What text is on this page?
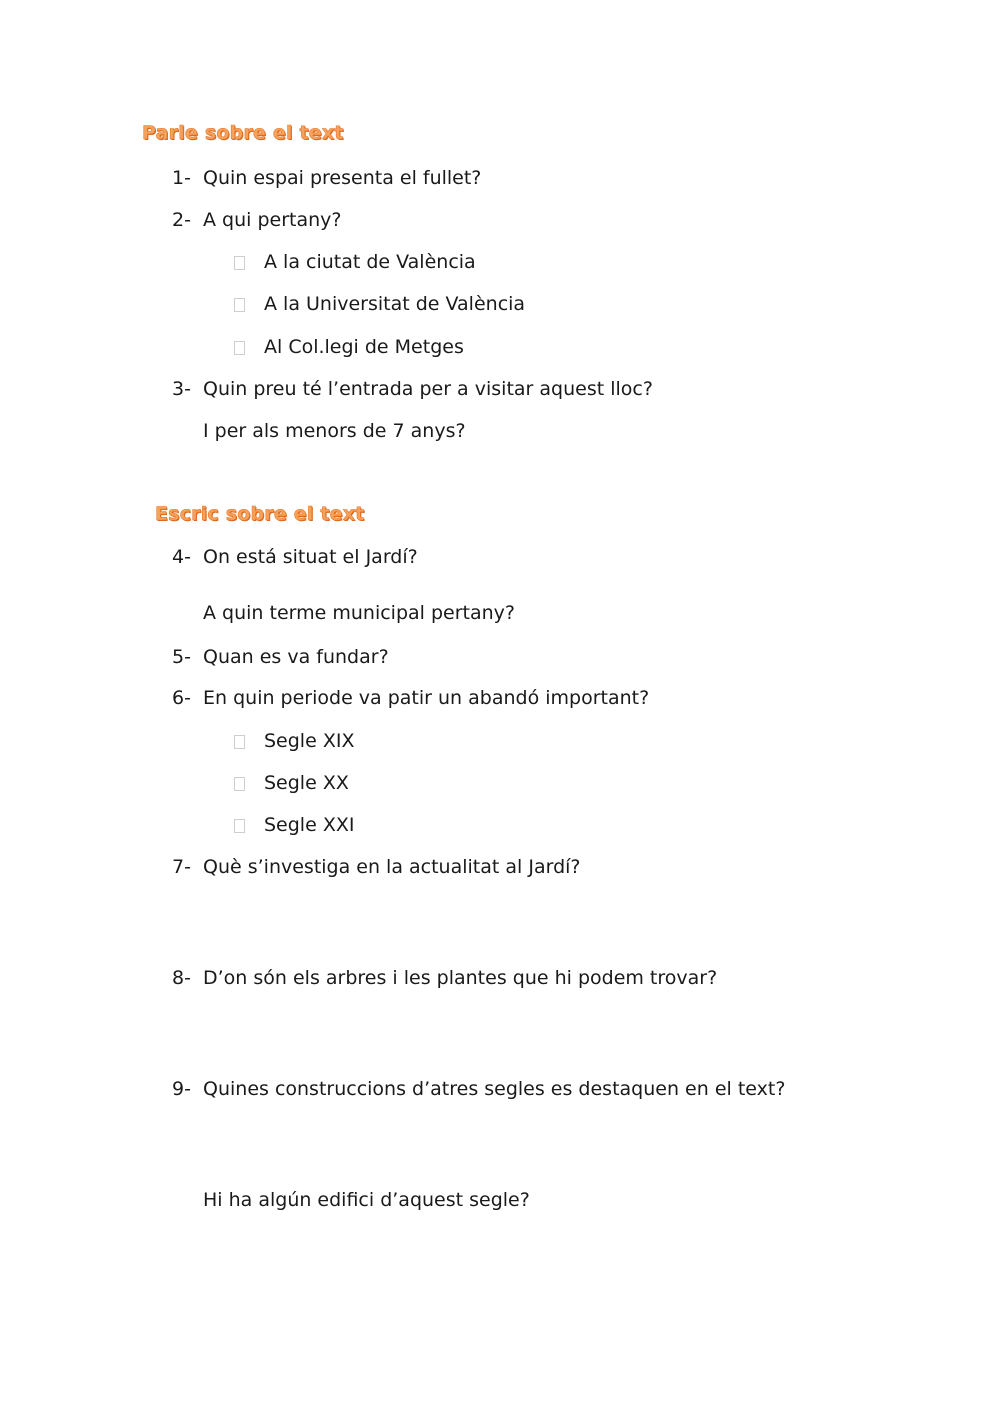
Parle sobre el text
1- Quin espai presenta el fullet?
2- A qui pertany?
A la ciutat de València
A la Universitat de València
Al Col.legi de Metges
3- Quin preu té l’entrada per a visitar aquest lloc?
I per als menors de 7 anys?
Escric sobre el text
4- On está situat el Jardí?
A quin terme municipal pertany?
5- Quan es va fundar?
6- En quin periode va patir un abandó important?
Segle XIX
Segle XX
Segle XXI
7- Què s’investiga en la actualitat al Jardí?
8- D’on són els arbres i les plantes que hi podem trovar?
9- Quines construccions d’atres segles es destaquen en el text?
Hi ha algún edifici d’aquest segle?
